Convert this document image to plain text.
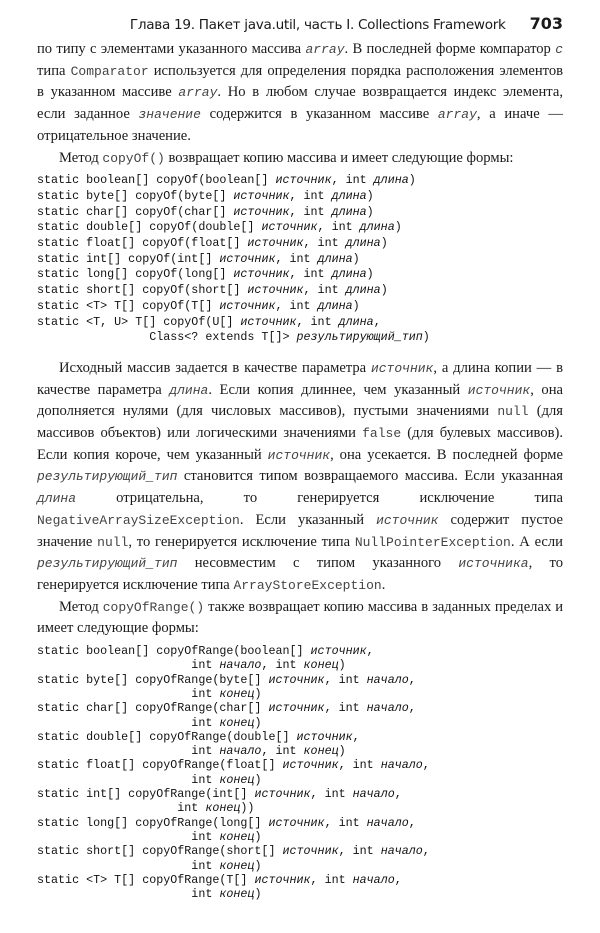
Глава 19. Пакет java.util, часть I. Collections Framework 703

по типу с элементами указанного массива array. В последней форме компаратор c типа Comparator используется для определения порядка расположения элементов в указанном массиве array. Но в любом случае возвращается индекс элемента, если заданное значение содержится в указанном массиве array, а иначе — отрицательное значение.

Метод copyOf() возвращает копию массива и имеет следующие формы:

static boolean[] copyOf(boolean[] источник, int длина)
static byte[] copyOf(byte[] источник, int длина)
static char[] copyOf(char[] источник, int длина)
static double[] copyOf(double[] источник, int длина)
static float[] copyOf(float[] источник, int длина)
static int[] copyOf(int[] источник, int длина)
static long[] copyOf(long[] источник, int длина)
static short[] copyOf(short[] источник, int длина)
static <T> T[] copyOf(T[] источник, int длина)
static <T, U> T[] copyOf(U[] источник, int длина,
Class<? extends T[]> результирующий_тип)

Исходный массив задается в качестве параметра источник, а длина копии — в качестве параметра длина. Если копия длиннее, чем указанный источник, она дополняется нулями (для числовых массивов), пустыми значениями null (для массивов объектов) или логическими значениями false (для булевых массивов). Если копия короче, чем указанный источник, она усекается. В последней форме результирующий_тип становится типом возвращаемого массива. Если указанная длина отрицательна, то генерируется исключение типа NegativeArraySizeException. Если указанный источник содержит пустое значение null, то генерируется исключение типа NullPointerException. А если результирующий_тип несовместим с типом указанного источника, то генерируется исключение типа ArrayStoreException.

Метод copyOfRange() также возвращает копию массива в заданных пределах и имеет следующие формы:

static boolean[] copyOfRange(boolean[] источник,
int начало, int конец)
static byte[] copyOfRange(byte[] источник, int начало,
int конец)
static char[] copyOfRange(char[] источник, int начало,
int конец)
static double[] copyOfRange(double[] источник,
int начало, int конец)
static float[] copyOfRange(float[] источник, int начало,
int конец)
static int[] copyOfRange(int[] источник, int начало,
int конец))
static long[] copyOfRange(long[] источник, int начало,
int конец)
static short[] copyOfRange(short[] источник, int начало,
int конец)
static <T> T[] copyOfRange(T[] источник, int начало,
int конец)
